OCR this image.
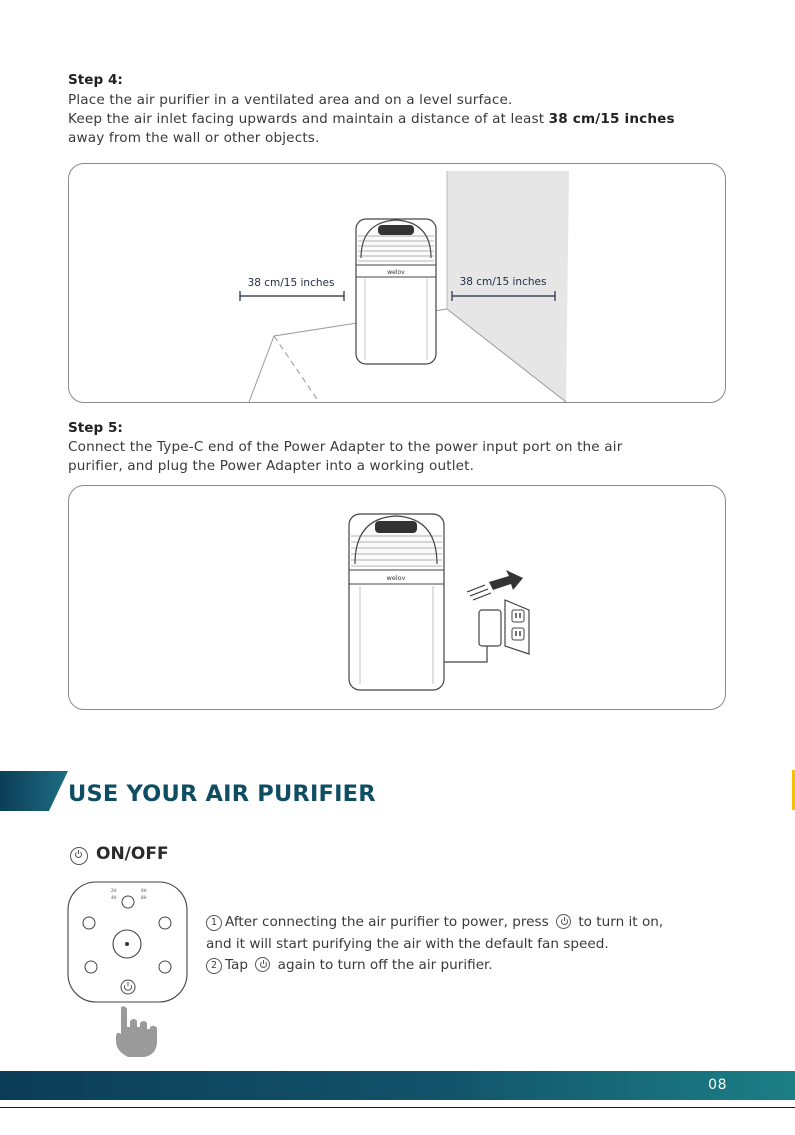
Step 4:

Place the air purifier in a ventilated area and on a level surface.

Keep the air inlet facing upwards and maintain a distance of at least 38 cm/15 inches

away from the wall or other objects.

welov
38 cm/15 inches	38 cm/15 inches

Step 5:

Connect the Type-C end of the Power Adapter to the power input port on the air

purifier, and plug the Power Adapter into a working outlet.

welov
USE YOUR AIR PURIFIER

ON/OFF

2H
4H
6H
8H
1 After connecting the air purifier to power, press to turn it on,
and it will start purifying the air with the default fan speed.
2 Tap again to turn off the air purifier.
08
